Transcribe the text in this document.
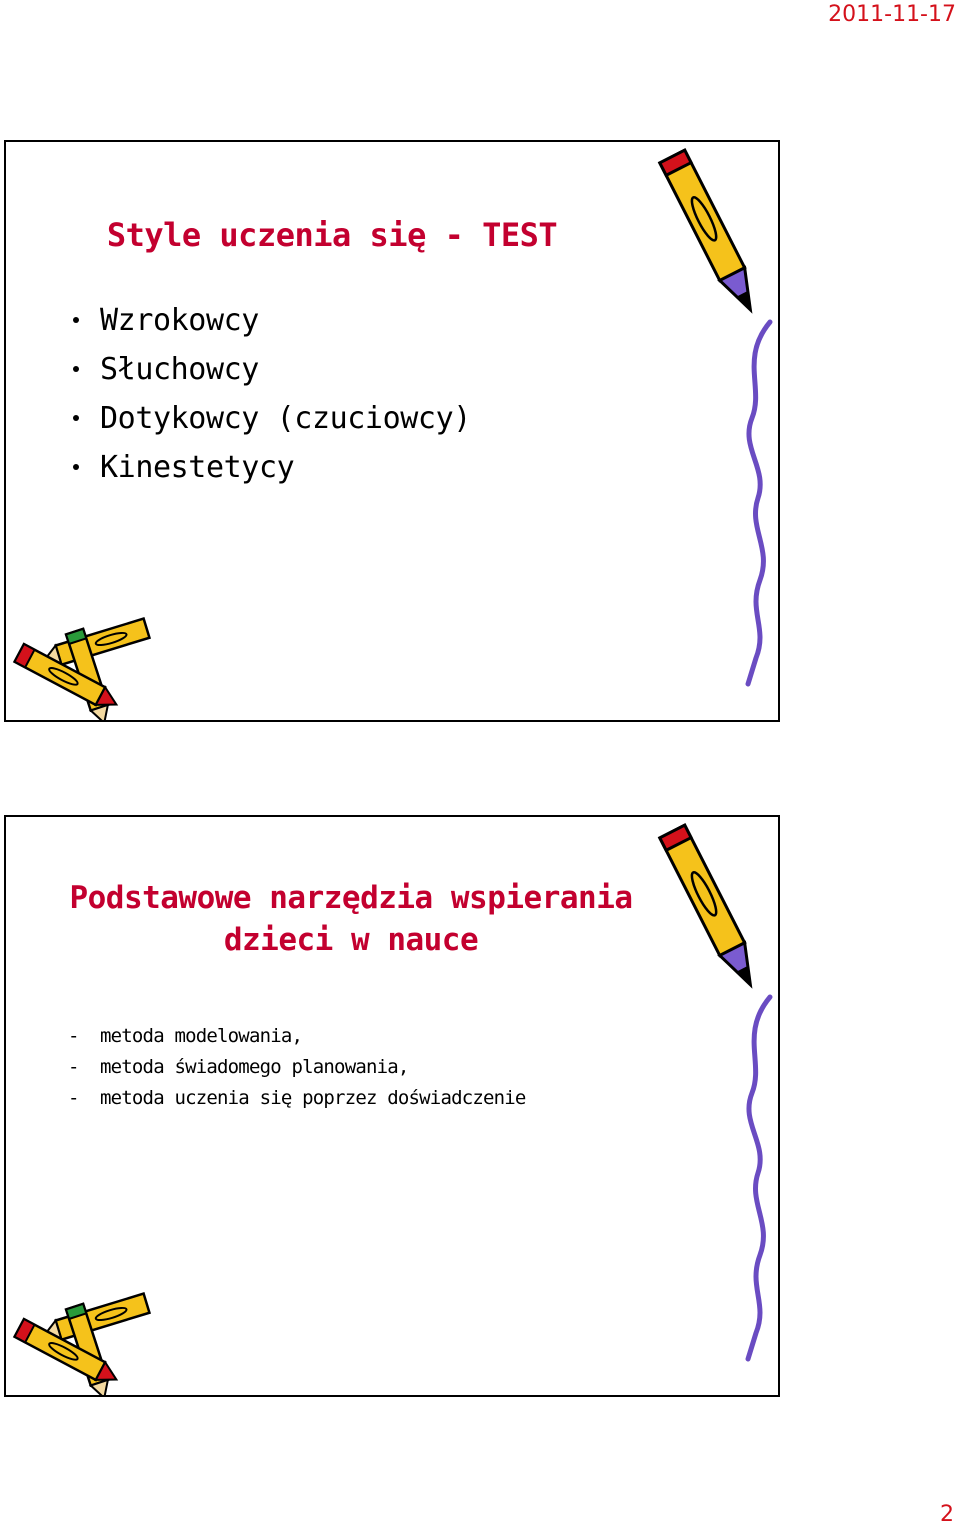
2011-11-17
Style uczenia się - TEST
Wzrokowcy
Słuchowcy
Dotykowcy (czuciowcy)
Kinestetycy
Podstawowe narzędzia wspierania
dzieci w nauce
-	metoda modelowania,
-	metoda świadomego planowania,
-	metoda uczenia się poprzez doświadczenie
2
